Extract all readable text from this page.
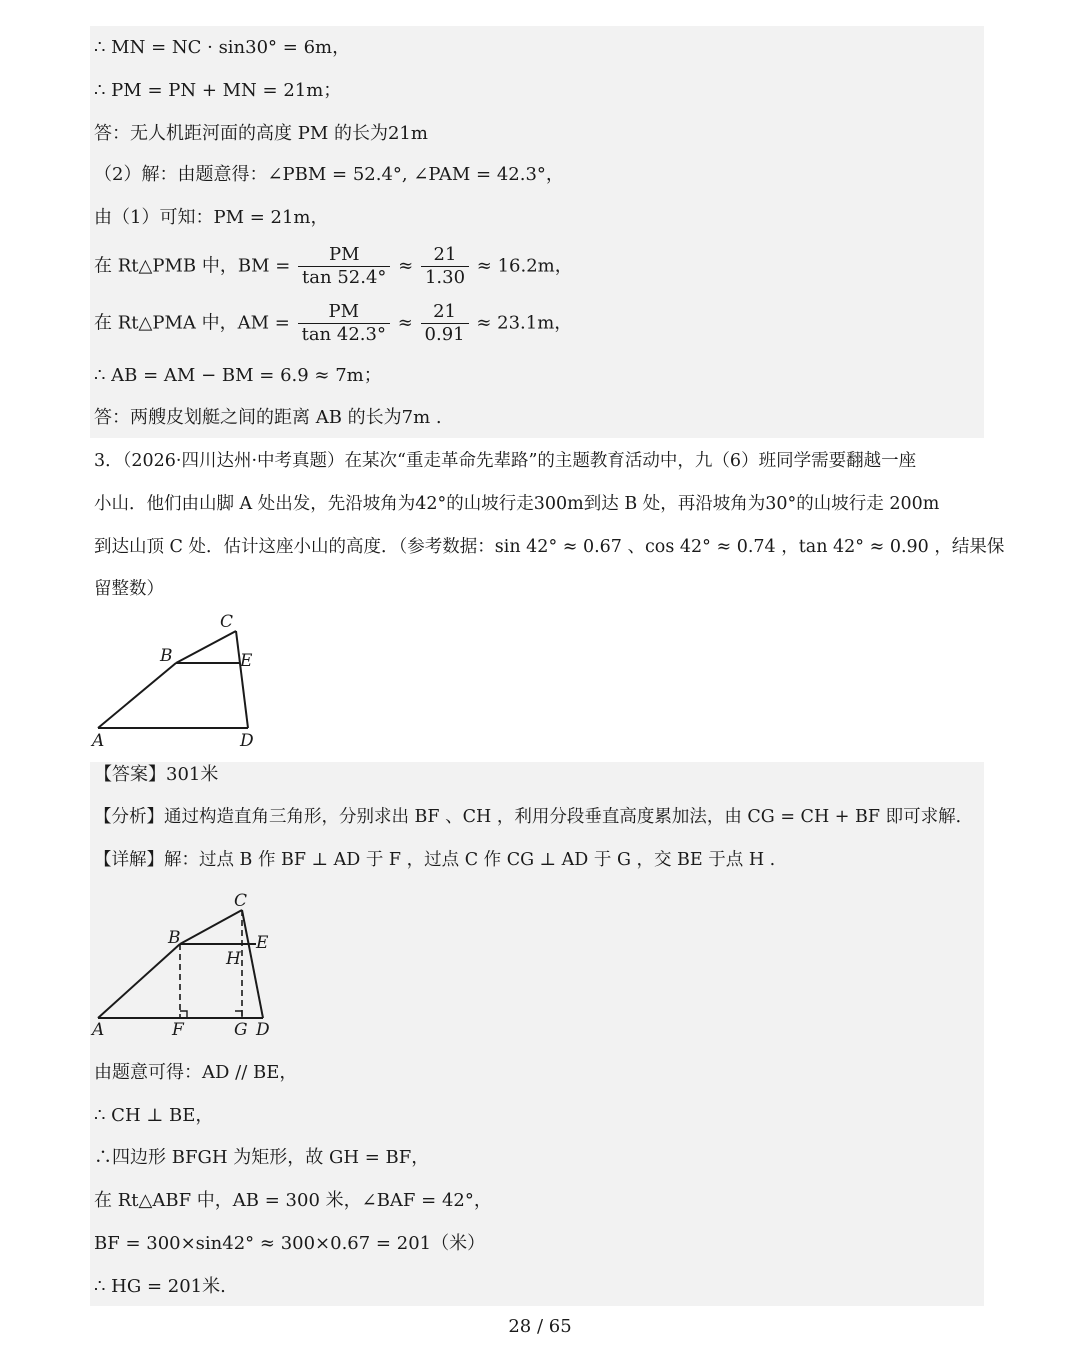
∴ MN = NC · sin30° = 6m，
∴ PM = PN + MN = 21m；
答：无人机距河面的高度 PM 的长为21m
（2）解：由题意得：∠PBM = 52.4°, ∠PAM = 42.3°，
由（1）可知：PM = 21m，
在 Rt△PMB 中，BM = $\frac{PM}{\tan 52.4^\circ} \approx \frac{21}{1.30} \approx 16.2m$，
在 Rt△PMA 中，AM = $\frac{PM}{\tan 42.3^\circ} \approx \frac{21}{0.91} \approx 23.1m$，
∴ AB = AM − BM = 6.9 ≈ 7m；
答：两艘皮划艇之间的距离 AB 的长为7m .
3．（2026·四川达州·中考真题）在某次“重走革命先辈路”的主题教育活动中，九（6）班同学需要翻越一座
小山．他们由山脚 A 处出发，先沿坡角为42°的山坡行走300m到达 B 处，再沿坡角为30°的山坡行走 200m
到达山顶 C 处．估计这座小山的高度．（参考数据：sin 42° ≈ 0.67 、cos 42° ≈ 0.74 ，tan 42° ≈ 0.90 ，结果保
留整数）
A
B
C
D
E
【答案】301米
【分析】通过构造直角三角形，分别求出 BF 、CH ，利用分段垂直高度累加法，由 CG = CH + BF 即可求解．
【详解】解：过点 B 作 BF ⊥ AD 于 F ，过点 C 作 CG ⊥ AD 于 G ，交 BE 于点 H .
A
B
C
D
E
F	G
H
由题意可得：AD // BE，
∴ CH ⊥ BE，
∴四边形 BFGH 为矩形，故 GH = BF，
在 Rt△ABF 中，AB = 300 米，∠BAF = 42°，
BF = 300×sin42° ≈ 300×0.67 = 201（米）
∴ HG = 201米.
28 / 65
